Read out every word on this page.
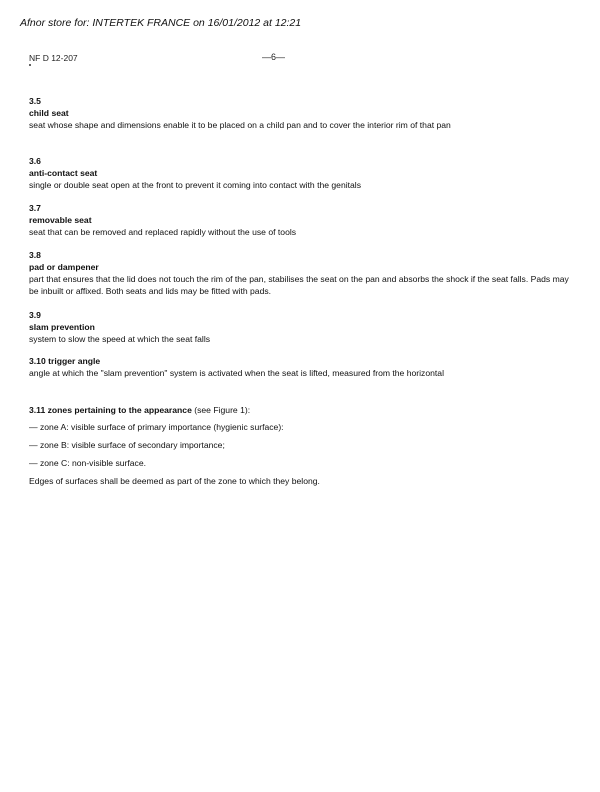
Afnor store for: INTERTEK FRANCE on 16/01/2012 at 12:21
NF D 12-207	—6—
3.5
child seat
seat whose shape and dimensions enable it to be placed on a child pan and to cover the interior rim of that pan
3.6
anti-contact seat
single or double seat open at the front to prevent it coming into contact with the genitals
3.7
removable seat
seat that can be removed and replaced rapidly without the use of tools
3.8
pad or dampener
part that ensures that the lid does not touch the rim of the pan, stabilises the seat on the pan and absorbs the shock if the seat falls. Pads may be inbuilt or affixed. Both seats and lids may be fitted with pads.
3.9
slam prevention
system to slow the speed at which the seat falls
3.10 trigger angle
angle at which the "slam prevention" system is activated when the seat is lifted, measured from the horizontal
3.11 zones pertaining to the appearance (see Figure 1):
— zone A: visible surface of primary importance (hygienic surface):
— zone B: visible surface of secondary importance;
— zone C: non-visible surface.
Edges of surfaces shall be deemed as part of the zone to which they belong.
